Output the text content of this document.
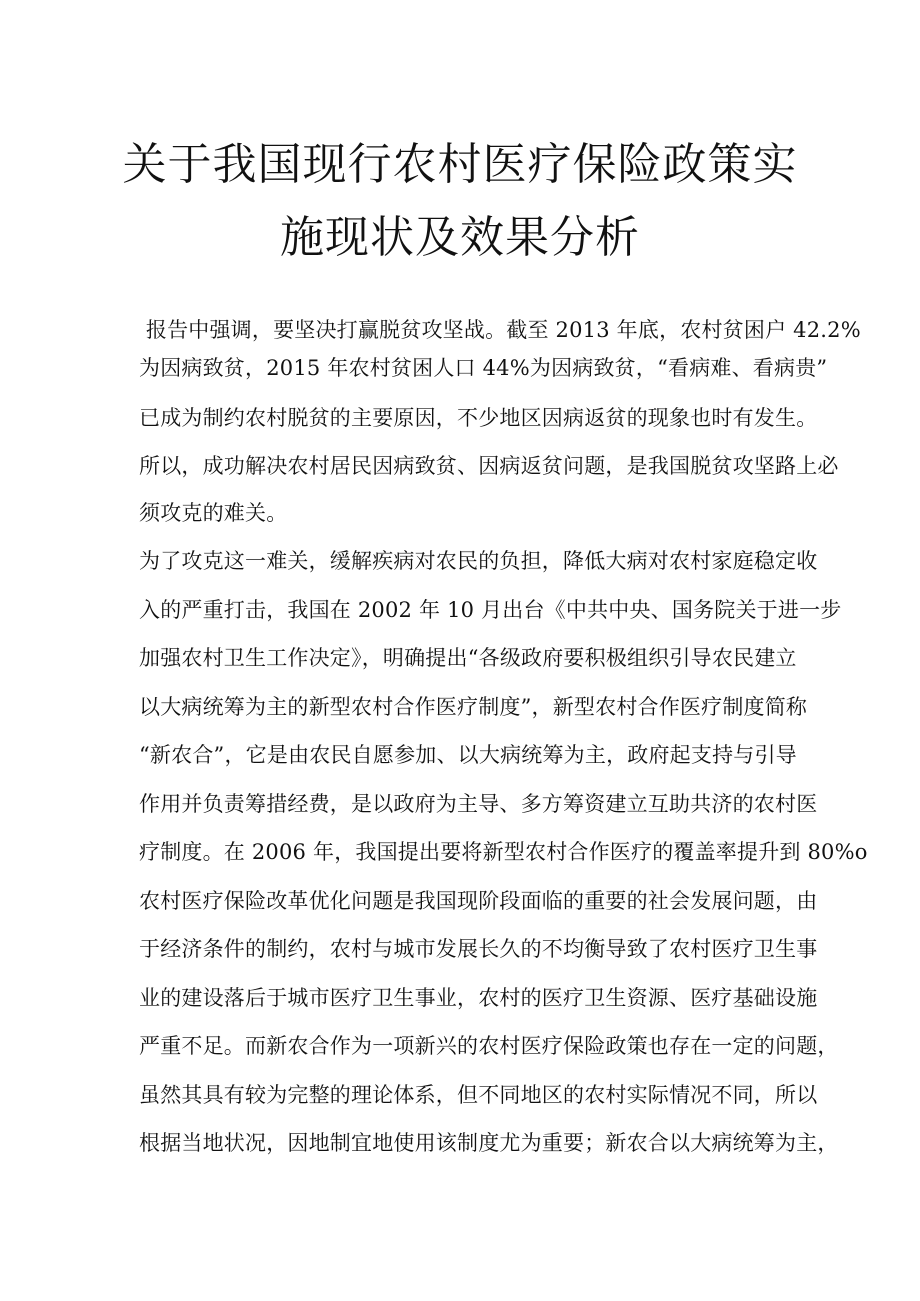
关于我国现行农村医疗保险政策实
施现状及效果分析
报告中强调，要坚决打赢脱贫攻坚战。截至 2013 年底，农村贫困户 42.2%
为因病致贫，2015 年农村贫困人口 44%为因病致贫，“看病难、看病贵”
已成为制约农村脱贫的主要原因，不少地区因病返贫的现象也时有发生。
所以，成功解决农村居民因病致贫、因病返贫问题，是我国脱贫攻坚路上必
须攻克的难关。
为了攻克这一难关，缓解疾病对农民的负担，降低大病对农村家庭稳定收
入的严重打击，我国在 2002 年 10 月出台《中共中央、国务院关于进一步
加强农村卫生工作决定》，明确提出“各级政府要积极组织引导农民建立
以大病统筹为主的新型农村合作医疗制度”，新型农村合作医疗制度简称
“新农合”，它是由农民自愿参加、以大病统筹为主，政府起支持与引导
作用并负责筹措经费，是以政府为主导、多方筹资建立互助共济的农村医
疗制度。在 2006 年，我国提出要将新型农村合作医疗的覆盖率提升到 80%o
农村医疗保险改革优化问题是我国现阶段面临的重要的社会发展问题，由
于经济条件的制约，农村与城市发展长久的不均衡导致了农村医疗卫生事
业的建设落后于城市医疗卫生事业，农村的医疗卫生资源、医疗基础设施
严重不足。而新农合作为一项新兴的农村医疗保险政策也存在一定的问题，
虽然其具有较为完整的理论体系，但不同地区的农村实际情况不同，所以
根据当地状况，因地制宜地使用该制度尤为重要；新农合以大病统筹为主，
